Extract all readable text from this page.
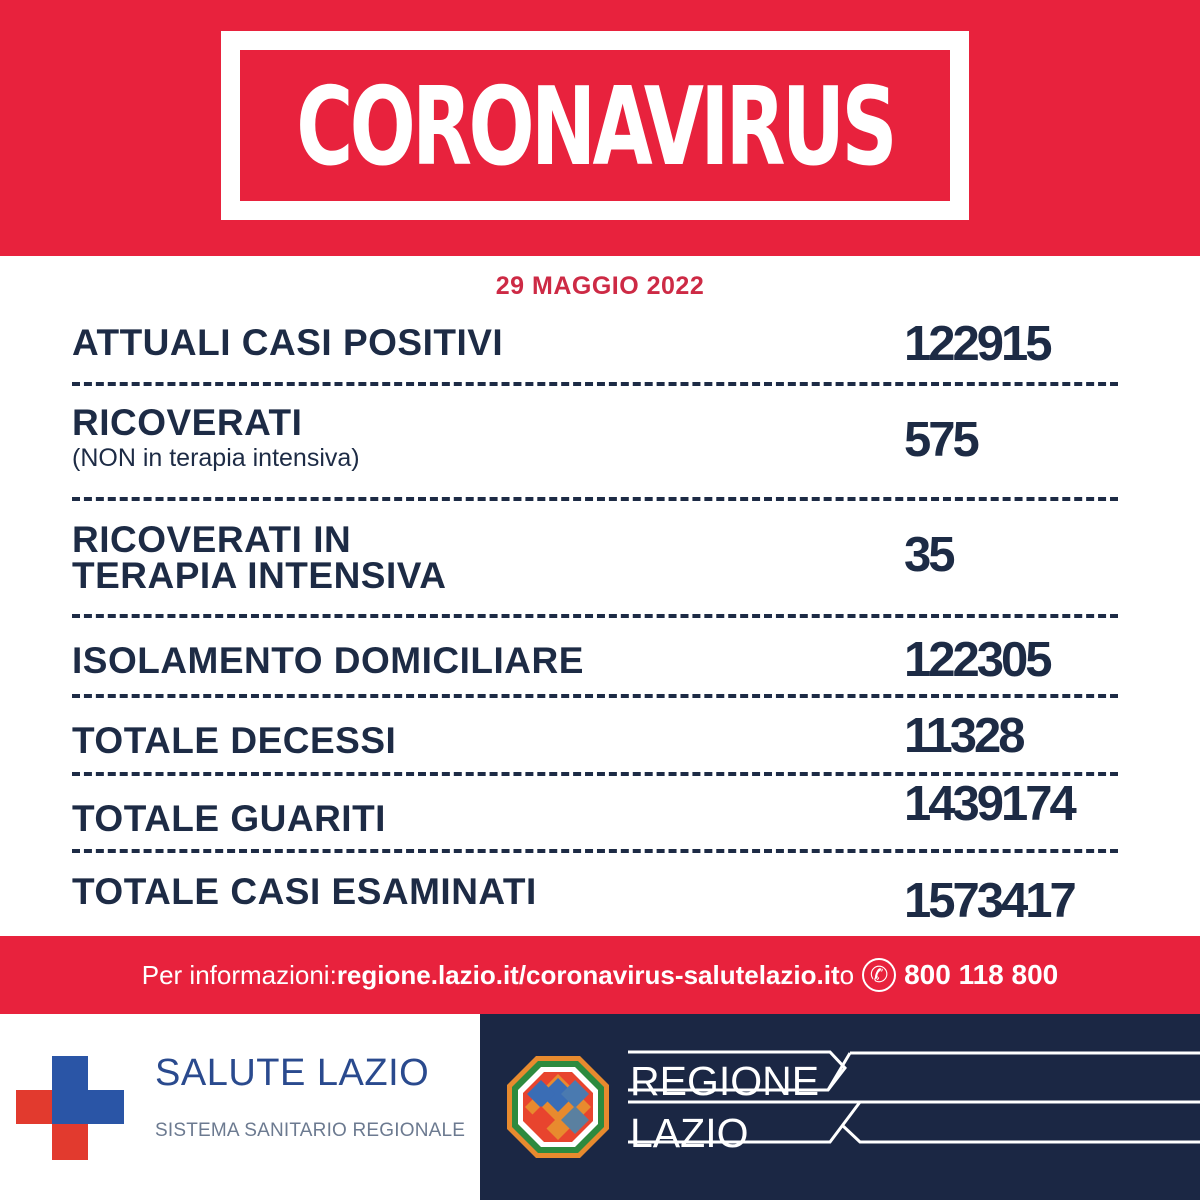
CORONAVIRUS
29 MAGGIO 2022
ATTUALI CASI POSITIVI	122915
RICOVERATI
(NON in terapia intensiva)	575
RICOVERATI IN
TERAPIA INTENSIVA	35
ISOLAMENTO DOMICILIARE	122305
TOTALE DECESSI	11328
TOTALE GUARITI	1439174
TOTALE CASI ESAMINATI	1573417
Per informazioni: regione.lazio.it/coronavirus - salutelazio.it o ✆ 800 118 800
SALUTE LAZIO
SISTEMA SANITARIO REGIONALE
REGIONE
LAZIO
